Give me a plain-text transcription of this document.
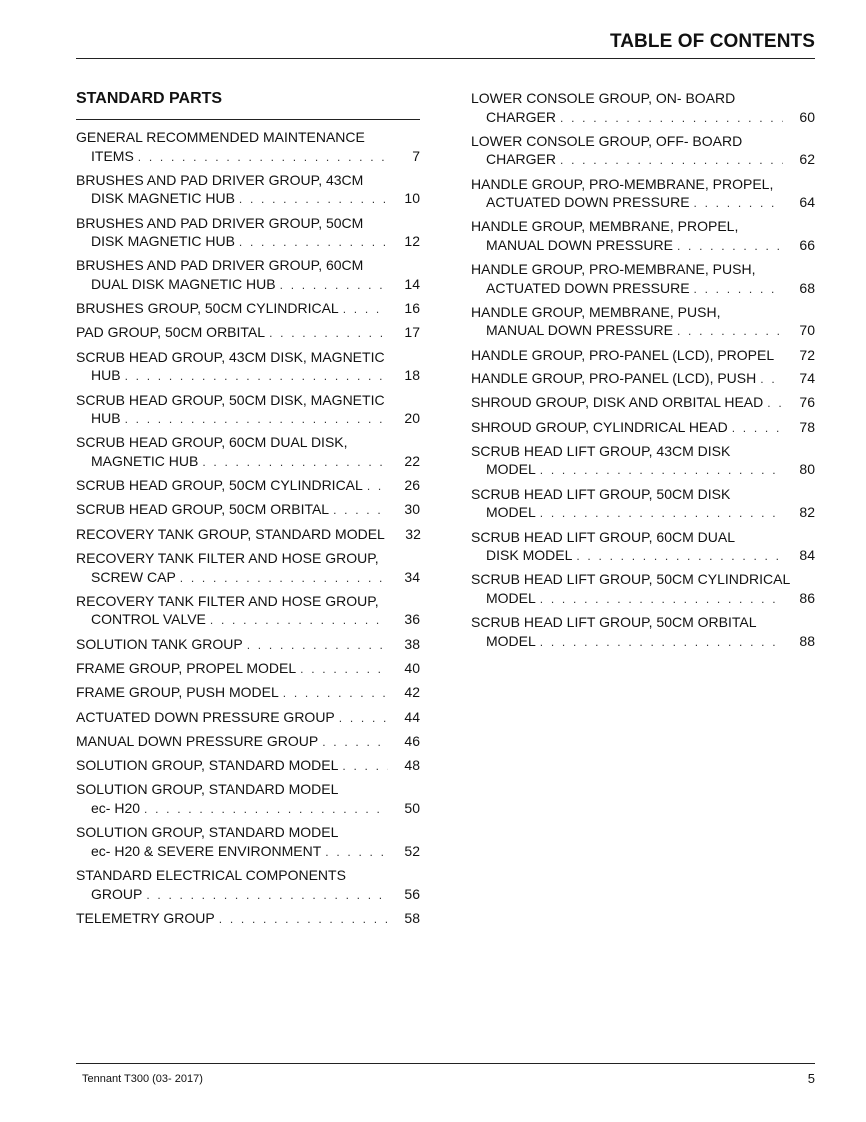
TABLE OF CONTENTS
STANDARD PARTS
GENERAL RECOMMENDED MAINTENANCE
ITEMS . . .	7
BRUSHES AND PAD DRIVER GROUP, 43CM
DISK MAGNETIC HUB . . .	10
BRUSHES AND PAD DRIVER GROUP, 50CM
DISK MAGNETIC HUB . . .	12
BRUSHES AND PAD DRIVER GROUP, 60CM
DUAL DISK MAGNETIC HUB . . .	14
BRUSHES GROUP, 50CM CYLINDRICAL . . .	16
PAD GROUP, 50CM ORBITAL . . .	17
SCRUB HEAD GROUP, 43CM DISK, MAGNETIC
HUB . . .	18
SCRUB HEAD GROUP, 50CM DISK, MAGNETIC
HUB . . .	20
SCRUB HEAD GROUP, 60CM DUAL DISK,
MAGNETIC HUB . . .	22
SCRUB HEAD GROUP, 50CM CYLINDRICAL . . .	26
SCRUB HEAD GROUP, 50CM ORBITAL . . .	30
RECOVERY TANK GROUP, STANDARD MODEL	32
RECOVERY TANK FILTER AND HOSE GROUP,
SCREW CAP . . .	34
RECOVERY TANK FILTER AND HOSE GROUP,
CONTROL VALVE . . .	36
SOLUTION TANK GROUP . . .	38
FRAME GROUP, PROPEL MODEL . . .	40
FRAME GROUP, PUSH MODEL . . .	42
ACTUATED DOWN PRESSURE GROUP . . .	44
MANUAL DOWN PRESSURE GROUP . . .	46
SOLUTION GROUP, STANDARD MODEL . . .	48
SOLUTION GROUP, STANDARD MODEL
ec- H20 . . .	50
SOLUTION GROUP, STANDARD MODEL
ec- H20 & SEVERE ENVIRONMENT . . .	52
STANDARD ELECTRICAL COMPONENTS
GROUP . . .	56
TELEMETRY GROUP . . .	58
LOWER CONSOLE GROUP, ON- BOARD
CHARGER . . .	60
LOWER CONSOLE GROUP, OFF- BOARD
CHARGER . . .	62
HANDLE GROUP, PRO-MEMBRANE, PROPEL,
ACTUATED DOWN PRESSURE . . .	64
HANDLE GROUP, MEMBRANE, PROPEL,
MANUAL DOWN PRESSURE . . .	66
HANDLE GROUP, PRO-MEMBRANE, PUSH,
ACTUATED DOWN PRESSURE . . .	68
HANDLE GROUP, MEMBRANE, PUSH,
MANUAL DOWN PRESSURE . . .	70
HANDLE GROUP, PRO-PANEL (LCD), PROPEL	72
HANDLE GROUP, PRO-PANEL (LCD), PUSH . . .	74
SHROUD GROUP, DISK AND ORBITAL HEAD . . .	76
SHROUD GROUP, CYLINDRICAL HEAD . . .	78
SCRUB HEAD LIFT GROUP, 43CM DISK
MODEL . . .	80
SCRUB HEAD LIFT GROUP, 50CM DISK
MODEL . . .	82
SCRUB HEAD LIFT GROUP, 60CM DUAL
DISK MODEL . . .	84
SCRUB HEAD LIFT GROUP, 50CM CYLINDRICAL
MODEL . . .	86
SCRUB HEAD LIFT GROUP, 50CM ORBITAL
MODEL . . .	88
Tennant T300 (03- 2017)	5
